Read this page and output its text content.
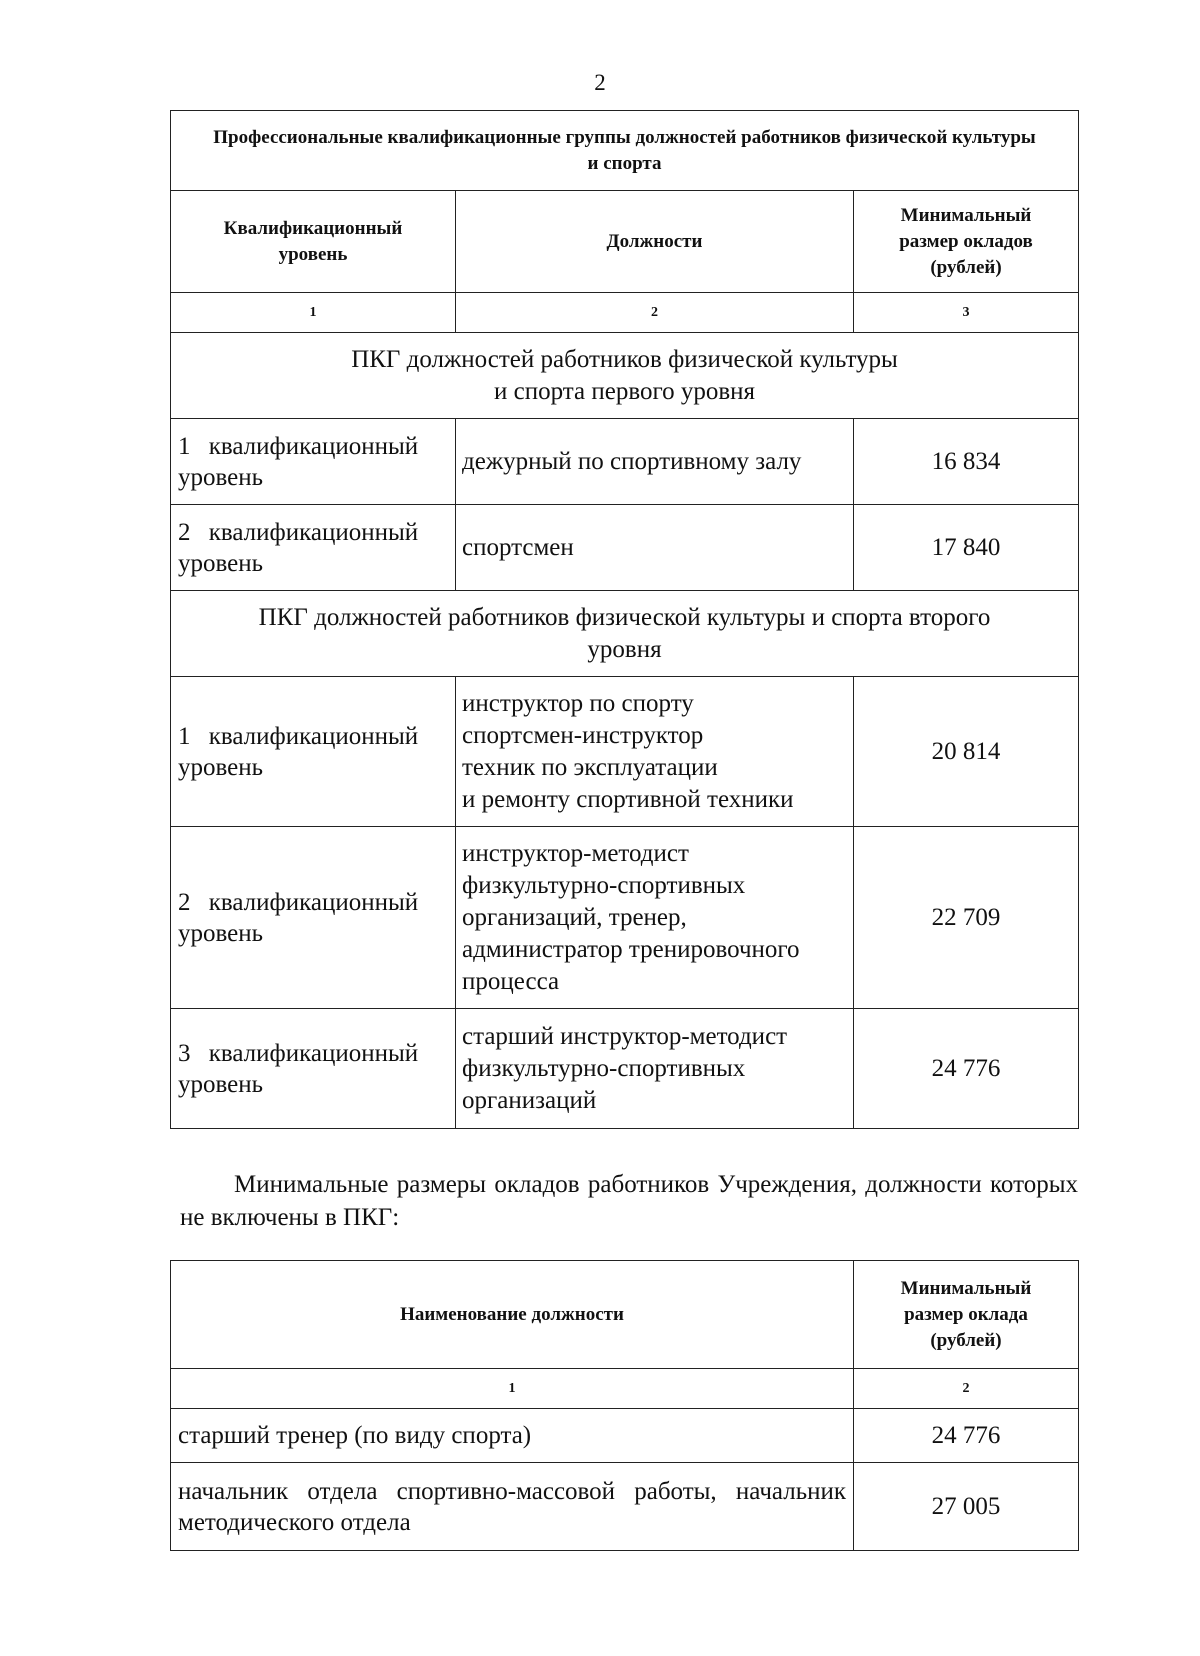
2
Профессиональные квалификационные группы должностей работников физической культуры и спорта		
Квалификационный уровень	Должности	Минимальный размер окладов (рублей)
1	2	3

ПКГ должностей работников физической культуры
и спорта первого уровня		

1 квалификационный
уровень	дежурный по спортивному залу	16 834

2 квалификационный
уровень	спортсмен	17 840

ПКГ должностей работников физической культуры и спорта второго
уровня		

1 квалификационный
уровень	инструктор по спорту
спортсмен-инструктор
техник по эксплуатации
и ремонту спортивной техники	20 814

2 квалификационный
уровень	инструктор-методист
физкультурно-спортивных
организаций, тренер,
администратор тренировочного
процесса	22 709

3 квалификационный
уровень	старший инструктор-методист
физкультурно-спортивных
организаций	24 776
Минимальные размеры окладов работников Учреждения, должности которых не включены в ПКГ:
Наименование должности	Минимальный размер оклада (рублей)
1	2
старший тренер (по виду спорта)	24 776
начальник отдела спортивно-массовой работы, начальник методического отдела	27 005
